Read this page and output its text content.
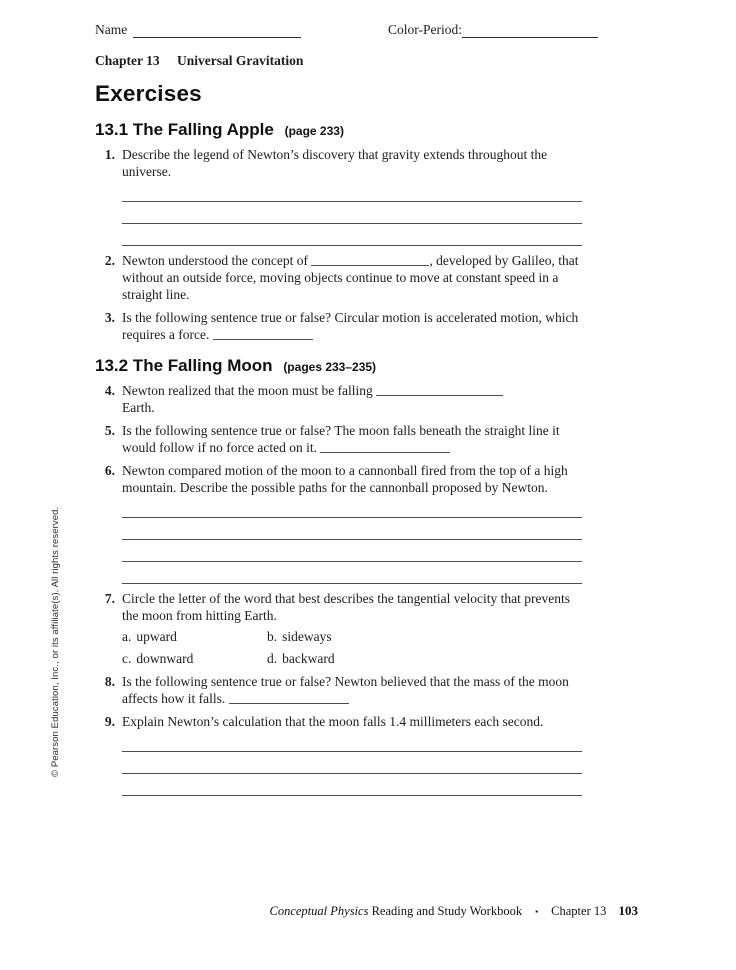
Name	Color-Period:
Chapter 13 Universal Gravitation
Exercises
13.1 The Falling Apple (page 233)
1. Describe the legend of Newton’s discovery that gravity extends throughout the universe.
2. Newton understood the concept of	, developed by Galileo, that without an outside force, moving objects continue to move at constant speed in a straight line.
3. Is the following sentence true or false? Circular motion is accelerated motion, which requires a force.
13.2 The Falling Moon (pages 233–235)
4. Newton realized that the moon must be falling
Earth.
5. Is the following sentence true or false? The moon falls beneath the straight line it would follow if no force acted on it.
6. Newton compared motion of the moon to a cannonball fired from the top of a high mountain. Describe the possible paths for the cannonball proposed by Newton.
7. Circle the letter of the word that best describes the tangential velocity that prevents the moon from hitting Earth.
a. upward	b. sideways
c. downward	d. backward
8. Is the following sentence true or false? Newton believed that the mass of the moon affects how it falls.
9. Explain Newton’s calculation that the moon falls 1.4 millimeters each second.
© Pearson Education, Inc., or its affiliate(s). All rights reserved.
Conceptual Physics Reading and Study Workbook ▪ Chapter 13 103
